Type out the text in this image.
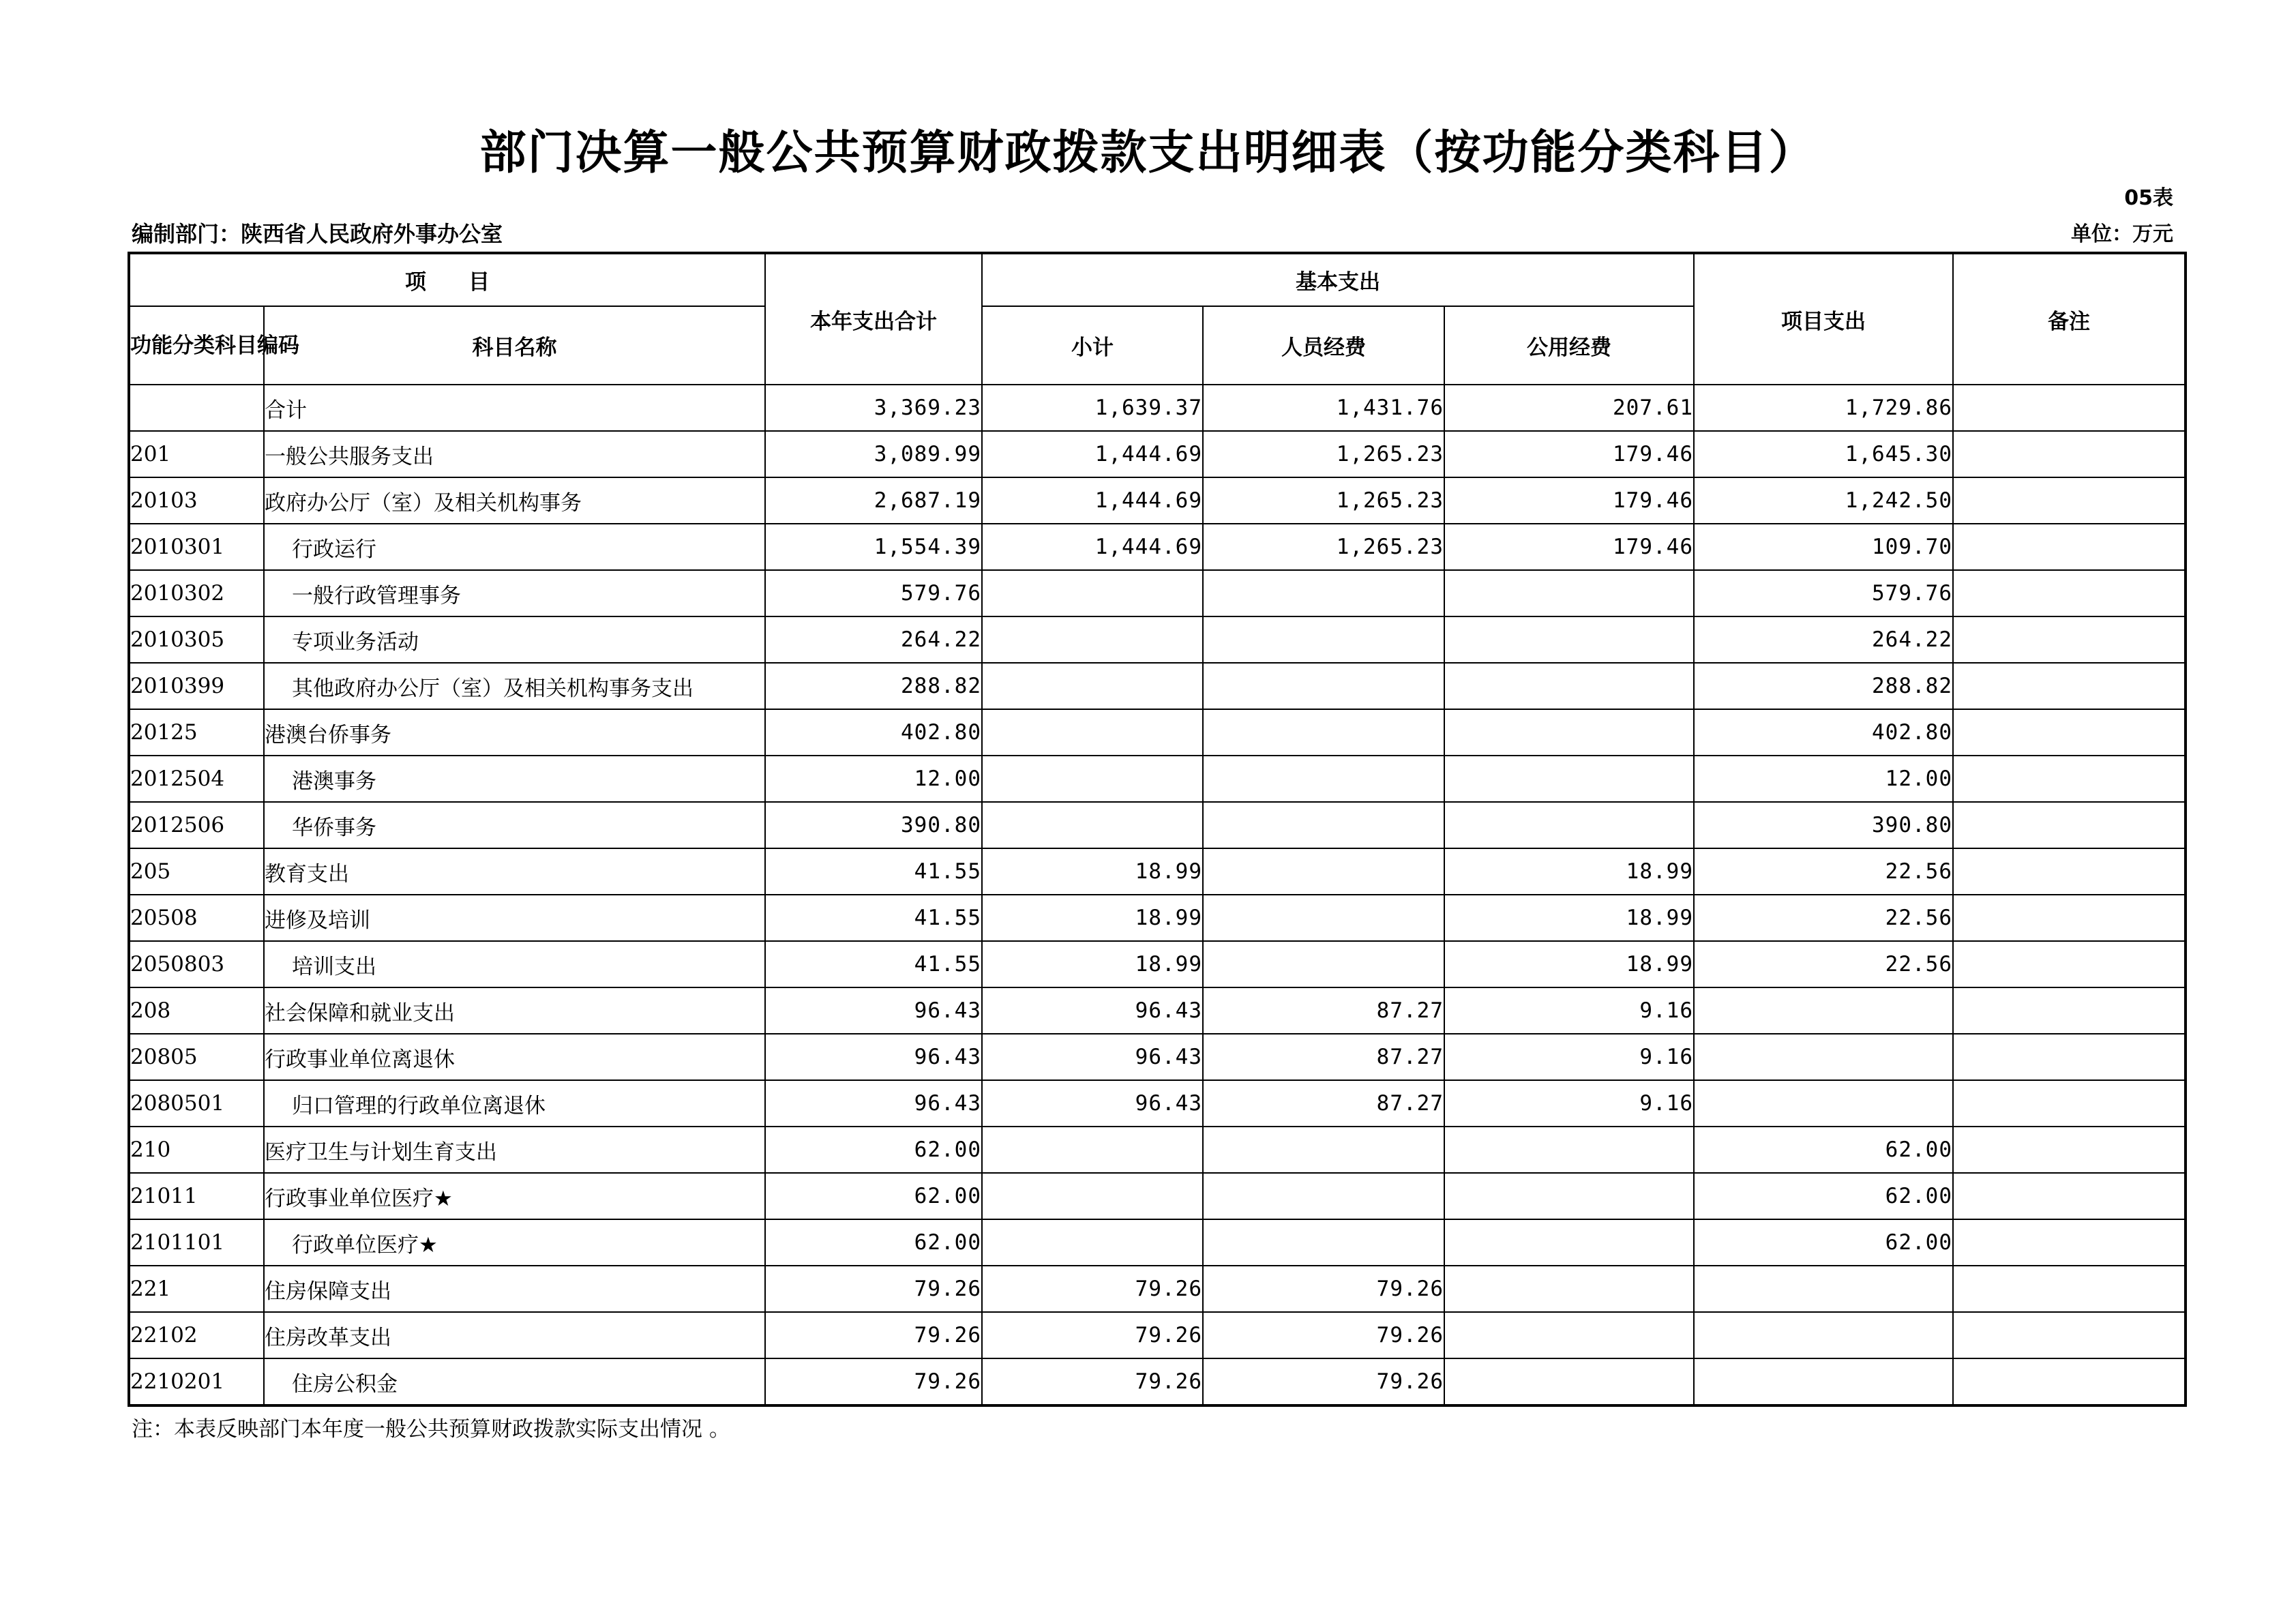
部门决算一般公共预算财政拨款支出明细表（按功能分类科目）
05表
编制部门：陕西省人民政府外事办公室	单位：万元
项　　目		本年支出合计	基本支出			项目支出	备注
功能分类科目编码	科目名称		小计	人员经费	公用经费		
	合计	3,369.23	1,639.37	1,431.76	207.61	1,729.86	
201	一般公共服务支出	3,089.99	1,444.69	1,265.23	179.46	1,645.30	
20103	政府办公厅（室）及相关机构事务	2,687.19	1,444.69	1,265.23	179.46	1,242.50	
2010301	行政运行	1,554.39	1,444.69	1,265.23	179.46	109.70	
2010302	一般行政管理事务	579.76				579.76	
2010305	专项业务活动	264.22				264.22	
2010399	其他政府办公厅（室）及相关机构事务支出	288.82				288.82	
20125	港澳台侨事务	402.80				402.80	
2012504	港澳事务	12.00				12.00	
2012506	华侨事务	390.80				390.80	
205	教育支出	41.55	18.99		18.99	22.56	
20508	进修及培训	41.55	18.99		18.99	22.56	
2050803	培训支出	41.55	18.99		18.99	22.56	
208	社会保障和就业支出	96.43	96.43	87.27	9.16		
20805	行政事业单位离退休	96.43	96.43	87.27	9.16		
2080501	归口管理的行政单位离退休	96.43	96.43	87.27	9.16		
210	医疗卫生与计划生育支出	62.00				62.00	
21011	行政事业单位医疗★	62.00				62.00	
2101101	行政单位医疗★	62.00				62.00	
221	住房保障支出	79.26	79.26	79.26			
22102	住房改革支出	79.26	79.26	79.26			
2210201	住房公积金	79.26	79.26	79.26			
注：本表反映部门本年度一般公共预算财政拨款实际支出情况 。
